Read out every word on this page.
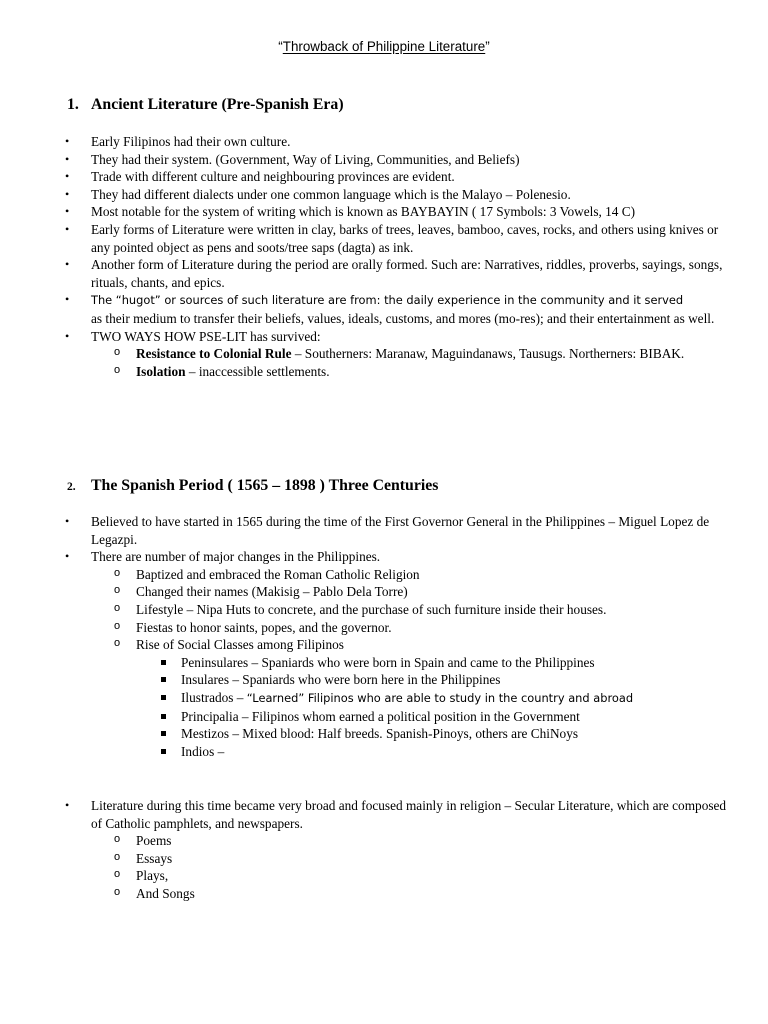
“Throwback of Philippine Literature”
1. Ancient Literature (Pre-Spanish Era)
• Early Filipinos had their own culture.
• They had their system. (Government, Way of Living, Communities, and Beliefs)
• Trade with different culture and neighbouring provinces are evident.
• They had different dialects under one common language which is the Malayo – Polenesio.
• Most notable for the system of writing which is known as BAYBAYIN ( 17 Symbols: 3 Vowels, 14 C)
• Early forms of Literature were written in clay, barks of trees, leaves, bamboo, caves, rocks, and others using knives or any pointed object as pens and soots/tree saps (dagta) as ink.
• Another form of Literature during the period are orally formed. Such are: Narratives, riddles, proverbs, sayings, songs, rituals, chants, and epics.
• The “hugot” or sources of such literature are from: the daily experience in the community and it served
as their medium to transfer their beliefs, values, ideals, customs, and mores (mo-res); and their entertainment as well.
• TWO WAYS HOW PSE-LIT has survived:
o Resistance to Colonial Rule – Southerners: Maranaw, Maguindanaws, Tausugs. Northerners: BIBAK.
o Isolation – inaccessible settlements.
2. The Spanish Period ( 1565 – 1898 ) Three Centuries
• Believed to have started in 1565 during the time of the First Governor General in the Philippines – Miguel Lopez de Legazpi.
• There are number of major changes in the Philippines.
o Baptized and embraced the Roman Catholic Religion
o Changed their names (Makisig – Pablo Dela Torre)
o Lifestyle – Nipa Huts to concrete, and the purchase of such furniture inside their houses.
o Fiestas to honor saints, popes, and the governor.
o Rise of Social Classes among Filipinos
Peninsulares – Spaniards who were born in Spain and came to the Philippines
Insulares – Spaniards who were born here in the Philippines
Ilustrados – “Learned” Filipinos who are able to study in the country and abroad
Principalia – Filipinos whom earned a political position in the Government
Mestizos – Mixed blood: Half breeds. Spanish-Pinoys, others are ChiNoys
Indios –
• Literature during this time became very broad and focused mainly in religion – Secular Literature, which are composed of Catholic pamphlets, and newspapers.
o Poems
o Essays
o Plays,
o And Songs
